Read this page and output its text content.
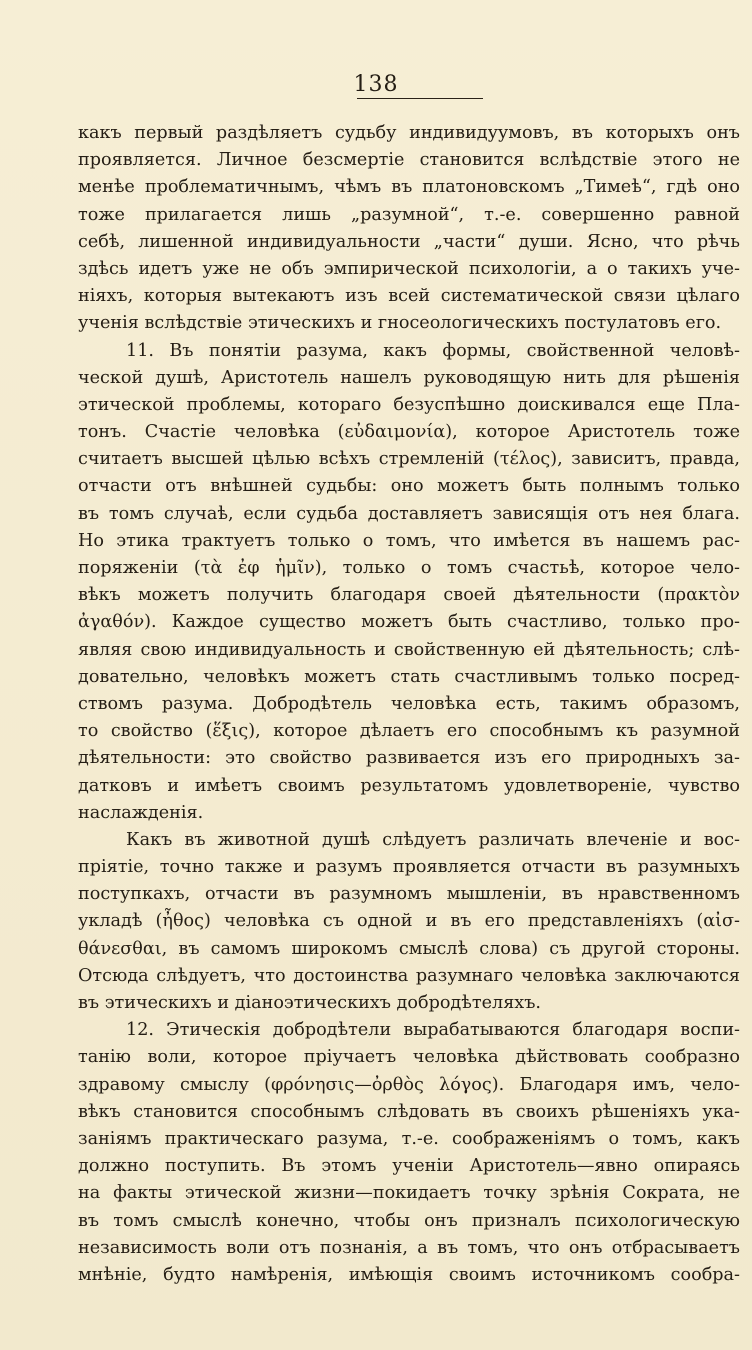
138
какъ первый раздѣляетъ судьбу индивидуумовъ, въ которыхъ онъ
проявляется. Личное безсмертіе становится вслѣдствіе этого не
менѣе проблематичнымъ, чѣмъ въ платоновскомъ „Тимеѣ“, гдѣ оно
тоже прилагается лишь „разумной“, т.-е. совершенно равной
себѣ, лишенной индивидуальности „части“ души. Ясно, что рѣчь
здѣсь идетъ уже не объ эмпирической психологіи, а о такихъ уче-
ніяхъ, которыя вытекаютъ изъ всей систематической связи цѣлаго
ученія вслѣдствіе этическихъ и гносеологическихъ постулатовъ его.
11. Въ понятіи разума, какъ формы, свойственной человѣ-
ческой душѣ, Аристотель нашелъ руководящую нить для рѣшенія
этической проблемы, котораго безуспѣшно доискивался еще Пла-
тонъ. Счастіе человѣка (εὐδαιμονία), которое Аристотель тоже
считаетъ высшей цѣлью всѣхъ стремленій (τέλος), зависитъ, правда,
отчасти отъ внѣшней судьбы: оно можетъ быть полнымъ только
въ томъ случаѣ, если судьба доставляетъ зависящія отъ нея блага.
Но этика трактуетъ только о томъ, что имѣется въ нашемъ рас-
поряженіи (τὰ ἐφ ἡμῖν), только о томъ счастьѣ, которое чело-
вѣкъ можетъ получить благодаря своей дѣятельности (πρακτὸν
ἀγαθόν). Каждое существо можетъ быть счастливо, только про-
являя свою индивидуальность и свойственную ей дѣятельность; слѣ-
довательно, человѣкъ можетъ стать счастливымъ только посред-
ствомъ разума. Добродѣтель человѣка есть, такимъ образомъ,
то свойство (ἕξις), которое дѣлаетъ его способнымъ къ разумной
дѣятельности: это свойство развивается изъ его природныхъ за-
датковъ и имѣетъ своимъ результатомъ удовлетвореніе, чувство
наслажденія.
Какъ въ животной душѣ слѣдуетъ различать влеченіе и вос-
пріятіе, точно также и разумъ проявляется отчасти въ разумныхъ
поступкахъ, отчасти въ разумномъ мышленіи, въ нравственномъ
укладѣ (ἦθος) человѣка съ одной и въ его представленіяхъ (αἰσ-
θάνεσθαι, въ самомъ широкомъ смыслѣ слова) съ другой стороны.
Отсюда слѣдуетъ, что достоинства разумнаго человѣка заключаются
въ этическихъ и діаноэтическихъ добродѣтеляхъ.
12. Этическія добродѣтели вырабатываются благодаря воспи-
танію воли, которое пріучаетъ человѣка дѣйствовать сообразно
здравому смыслу (φρόνησις—ὀρθὸς λόγος). Благодаря имъ, чело-
вѣкъ становится способнымъ слѣдовать въ своихъ рѣшеніяхъ ука-
заніямъ практическаго разума, т.-е. соображеніямъ о томъ, какъ
должно поступить. Въ этомъ ученіи Аристотель—явно опираясь
на факты этической жизни—покидаетъ точку зрѣнія Сократа, не
въ томъ смыслѣ конечно, чтобы онъ призналъ психологическую
независимость воли отъ познанія, а въ томъ, что онъ отбрасываетъ
мнѣніе, будто намѣренія, имѣющія своимъ источникомъ сообра-
